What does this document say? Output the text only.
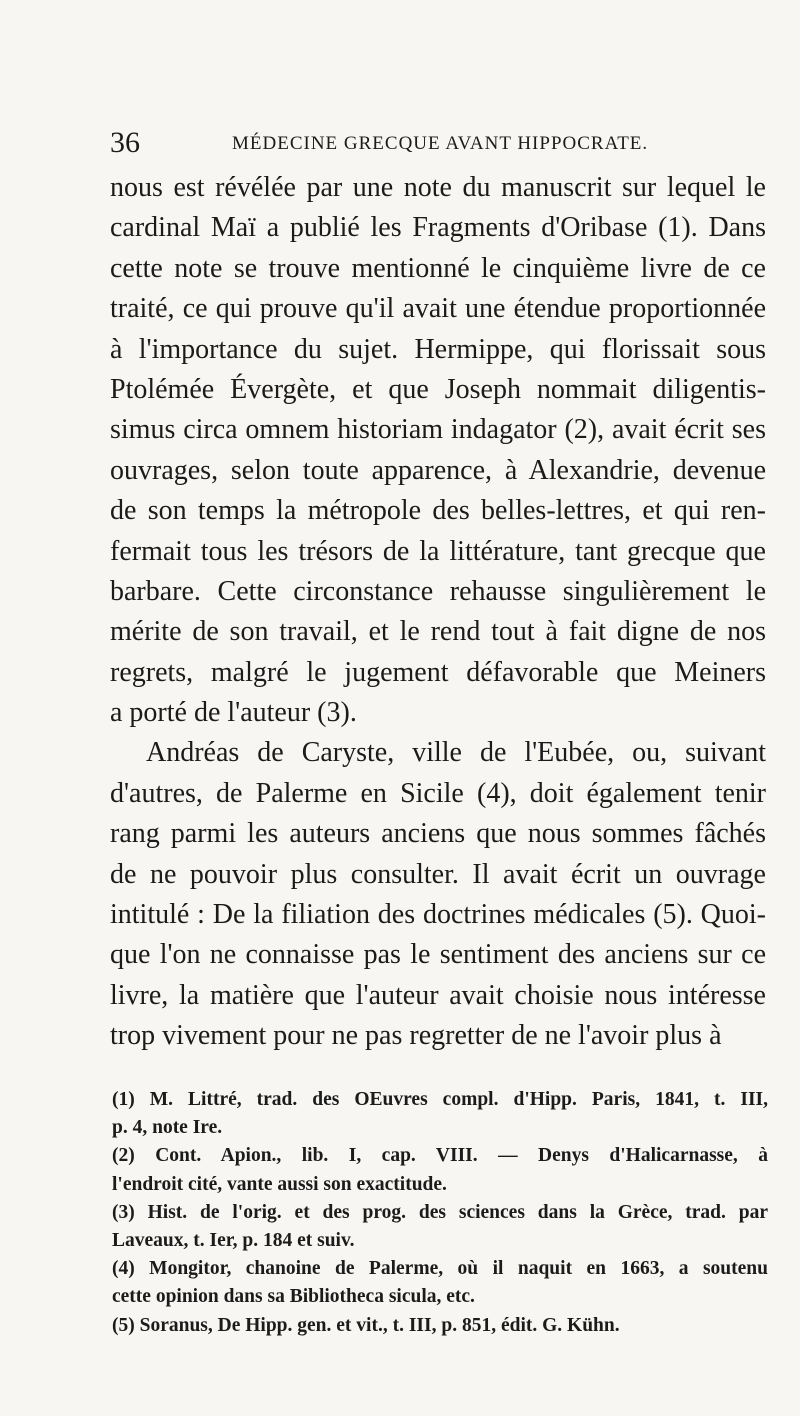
36	MÉDECINE GRECQUE AVANT HIPPOCRATE.
nous est révélée par une note du manuscrit sur lequel le
cardinal Maï a publié les Fragments d'Oribase (1). Dans
cette note se trouve mentionné le cinquième livre de ce
traité, ce qui prouve qu'il avait une étendue proportionnée
à l'importance du sujet. Hermippe, qui florissait sous
Ptolémée Évergète, et que Joseph nommait diligentis-
simus circa omnem historiam indagator (2), avait écrit ses
ouvrages, selon toute apparence, à Alexandrie, devenue
de son temps la métropole des belles-lettres, et qui ren-
fermait tous les trésors de la littérature, tant grecque que
barbare. Cette circonstance rehausse singulièrement le
mérite de son travail, et le rend tout à fait digne de nos
regrets, malgré le jugement défavorable que Meiners
a porté de l'auteur (3).
Andréas de Caryste, ville de l'Eubée, ou, suivant
d'autres, de Palerme en Sicile (4), doit également tenir
rang parmi les auteurs anciens que nous sommes fâchés
de ne pouvoir plus consulter. Il avait écrit un ouvrage
intitulé : De la filiation des doctrines médicales (5). Quoi-
que l'on ne connaisse pas le sentiment des anciens sur ce
livre, la matière que l'auteur avait choisie nous intéresse
trop vivement pour ne pas regretter de ne l'avoir plus à
(1) M. Littré, trad. des OEuvres compl. d'Hipp. Paris, 1841, t. III,
p. 4, note Ire.
(2) Cont. Apion., lib. I, cap. VIII. — Denys d'Halicarnasse, à
l'endroit cité, vante aussi son exactitude.
(3) Hist. de l'orig. et des prog. des sciences dans la Grèce, trad. par
Laveaux, t. Ier, p. 184 et suiv.
(4) Mongitor, chanoine de Palerme, où il naquit en 1663, a soutenu
cette opinion dans sa Bibliotheca sicula, etc.
(5) Soranus, De Hipp. gen. et vit., t. III, p. 851, édit. G. Kühn.
